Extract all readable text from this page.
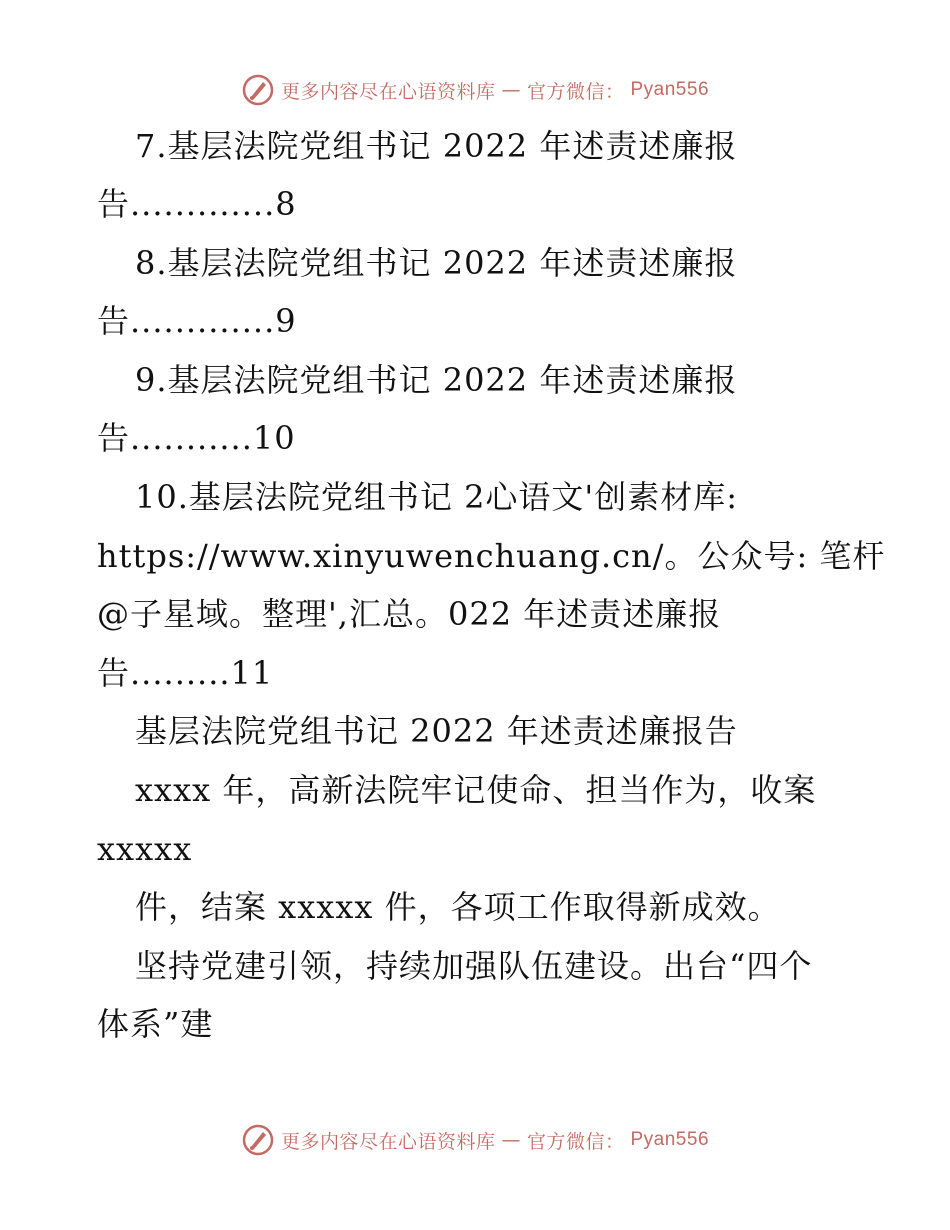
更多内容尽在心语资料库 — 官方微信： Pyan556
7.基层法院党组书记 2022 年述责述廉报
告.............8
8.基层法院党组书记 2022 年述责述廉报
告.............9
9.基层法院党组书记 2022 年述责述廉报
告...........10
10.基层法院党组书记 2心语文'创素材库:
https://www.xinyuwenchuang.cn/。公众号: 笔杆
@子星域。整理',汇总。022 年述责述廉报
告.........11
基层法院党组书记 2022 年述责述廉报告
xxxx 年，高新法院牢记使命、担当作为，收案
xxxxx
件，结案 xxxxx 件，各项工作取得新成效。
坚持党建引领，持续加强队伍建设。出台“四个
体系”建
更多内容尽在心语资料库 — 官方微信： Pyan556
